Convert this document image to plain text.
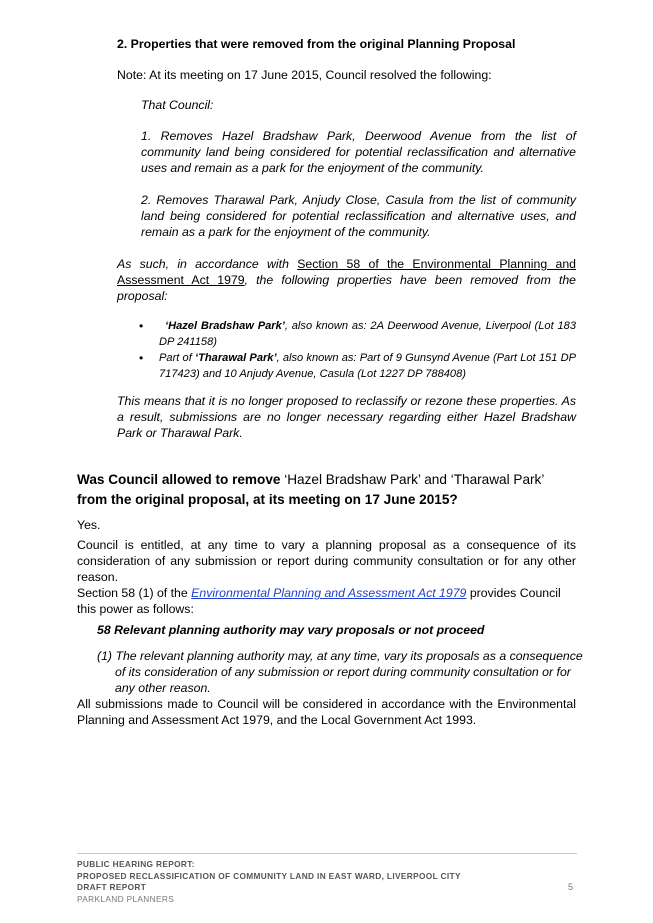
2. Properties that were removed from the original Planning Proposal
Note: At its meeting on 17 June 2015, Council resolved the following:
That Council:
1. Removes Hazel Bradshaw Park, Deerwood Avenue from the list of community land being considered for potential reclassification and alternative uses and remain as a park for the enjoyment of the community.
2. Removes Tharawal Park, Anjudy Close, Casula from the list of community land being considered for potential reclassification and alternative uses, and remain as a park for the enjoyment of the community.
As such, in accordance with Section 58 of the Environmental Planning and Assessment Act 1979, the following properties have been removed from the proposal:
• ‘Hazel Bradshaw Park’, also known as: 2A Deerwood Avenue, Liverpool (Lot 183 DP 241158)
• Part of ‘Tharawal Park’, also known as: Part of 9 Gunsynd Avenue (Part Lot 151 DP 717423) and 10 Anjudy Avenue, Casula (Lot 1227 DP 788408)
This means that it is no longer proposed to reclassify or rezone these properties. As a result, submissions are no longer necessary regarding either Hazel Bradshaw Park or Tharawal Park.
Was Council allowed to remove ‘Hazel Bradshaw Park’ and ‘Tharawal Park’ from the original proposal, at its meeting on 17 June 2015?
Yes.
Council is entitled, at any time to vary a planning proposal as a consequence of its consideration of any submission or report during community consultation or for any other reason.
Section 58 (1) of the Environmental Planning and Assessment Act 1979 provides Council this power as follows:
58 Relevant planning authority may vary proposals or not proceed
(1) The relevant planning authority may, at any time, vary its proposals as a consequence of its consideration of any submission or report during community consultation or for any other reason.
All submissions made to Council will be considered in accordance with the Environmental Planning and Assessment Act 1979, and the Local Government Act 1993.
PUBLIC HEARING REPORT:
PROPOSED RECLASSIFICATION OF COMMUNITY LAND IN EAST WARD, LIVERPOOL CITY
DRAFT REPORT
PARKLAND PLANNERS
5
